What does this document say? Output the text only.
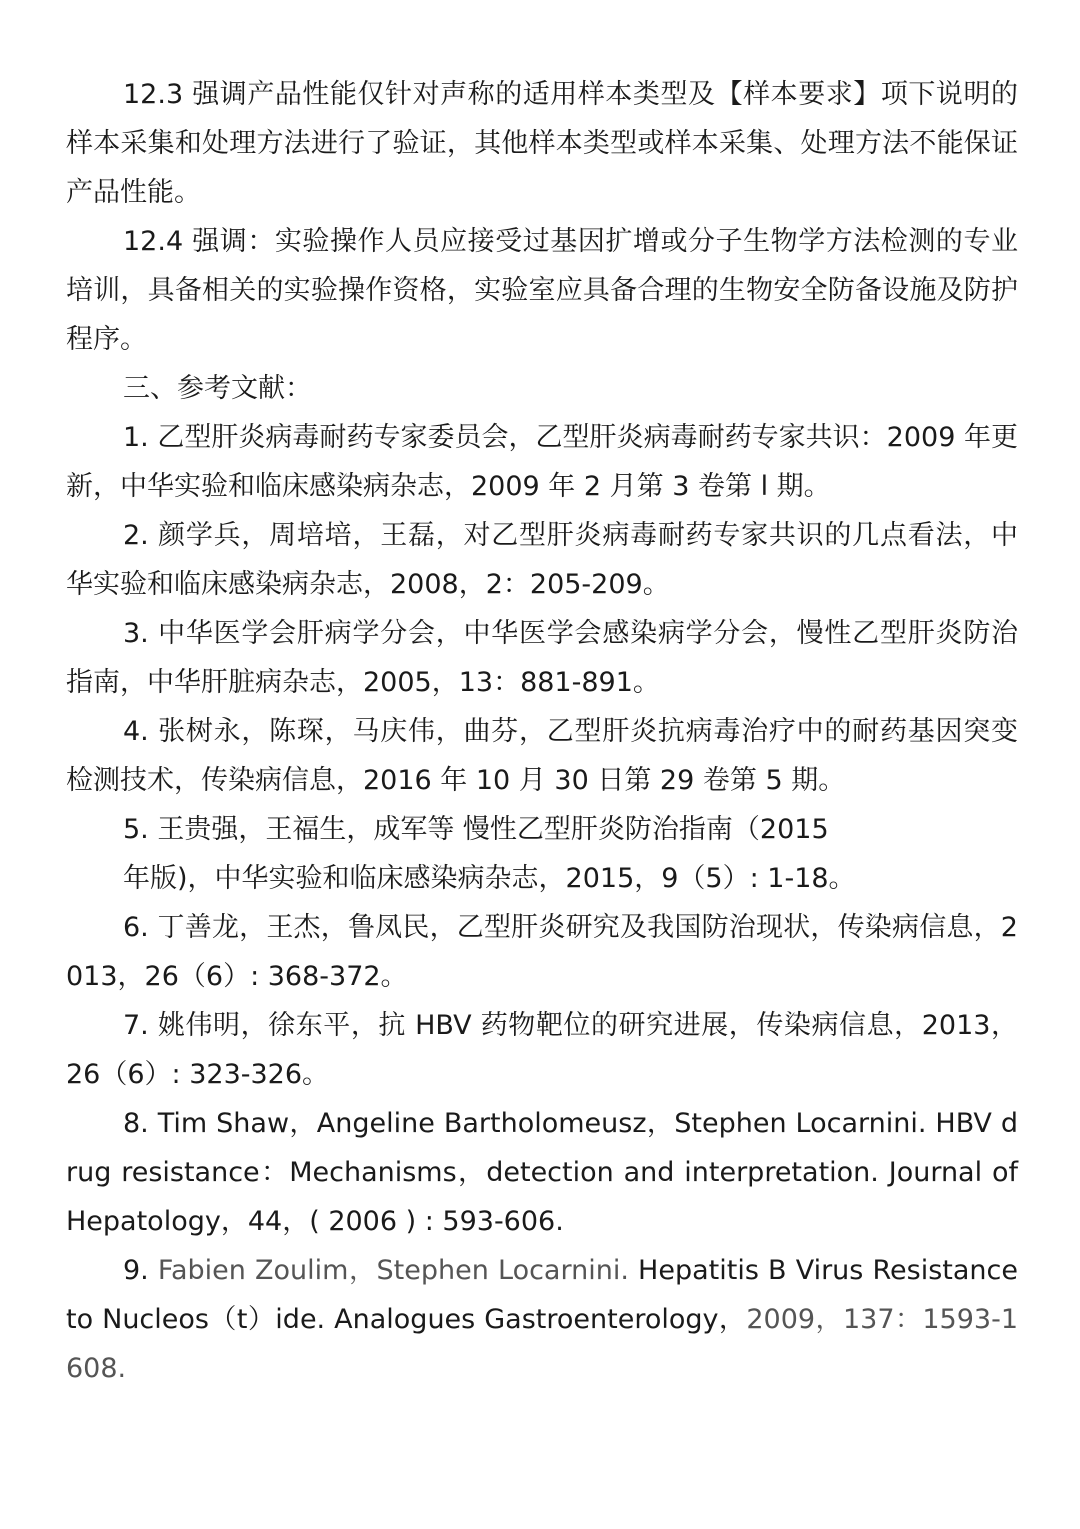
12.3 强调产品性能仅针对声称的适用样本类型及【样本要求】项下说明的样本采集和处理方法进行了验证，其他样本类型或样本采集、处理方法不能保证产品性能。

12.4 强调：实验操作人员应接受过基因扩增或分子生物学方法检测的专业培训，具备相关的实验操作资格，实验室应具备合理的生物安全防备设施及防护程序。

三、参考文献：

1. 乙型肝炎病毒耐药专家委员会，乙型肝炎病毒耐药专家共识：2009 年更新，中华实验和临床感染病杂志，2009 年 2 月第 3 卷第 l 期。

2. 颜学兵，周培培，王磊，对乙型肝炎病毒耐药专家共识的几点看法，中华实验和临床感染病杂志，2008，2：205-209。

3. 中华医学会肝病学分会，中华医学会感染病学分会，慢性乙型肝炎防治指南，中华肝脏病杂志，2005，13：881-891。

4. 张树永，陈琛，马庆伟，曲芬，乙型肝炎抗病毒治疗中的耐药基因突变检测技术，传染病信息，2016 年 10 月 30 日第 29 卷第 5 期。

5. 王贵强，王福生，成军等 慢性乙型肝炎防治指南（2015
年版)，中华实验和临床感染病杂志，2015，9（5）: 1-18。

6. 丁善龙，王杰，鲁凤民，乙型肝炎研究及我国防治现状，传染病信息，2013，26（6）: 368-372。

7. 姚伟明，徐东平，抗 HBV 药物靶位的研究进展，传染病信息，2013，26（6）: 323-326。

8. Tim Shaw，Angeline Bartholomeusz，Stephen Locarnini. HBV drug resistance：Mechanisms，detection and interpretation. Journal of Hepatology，44，( 2006 ) : 593-606.

9. Fabien Zoulim，Stephen Locarnini. Hepatitis B Virus Resistance to Nucleos（t）ide. Analogues Gastroenterology，2009，137：1593-1608.
